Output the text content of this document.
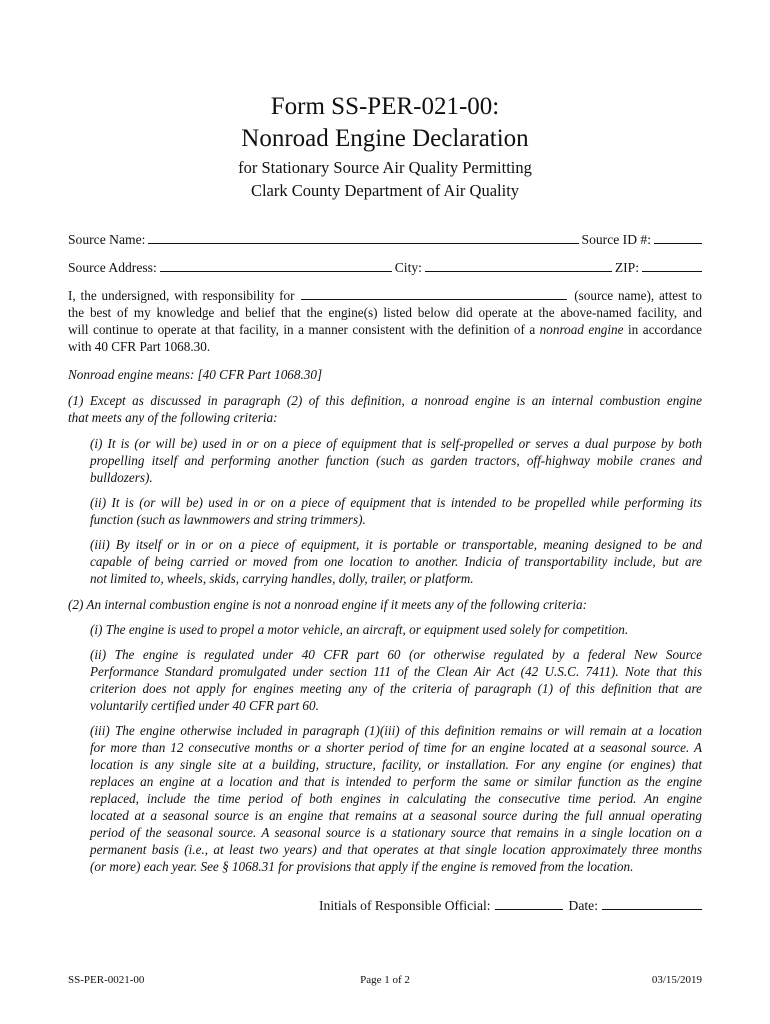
Form SS-PER-021-00:
Nonroad Engine Declaration
for Stationary Source Air Quality Permitting
Clark County Department of Air Quality
Source Name:	Source ID #:
Source Address:	City:	ZIP:
I, the undersigned, with responsibility for	(source name), attest to
the best of my knowledge and belief that the engine(s) listed below did operate at the above-named facility, and
will continue to operate at that facility, in a manner consistent with the definition of a nonroad engine in accordance
with 40 CFR Part 1068.30.
Nonroad engine means: [40 CFR Part 1068.30]
(1) Except as discussed in paragraph (2) of this definition, a nonroad engine is an internal combustion engine
that meets any of the following criteria:
(i) It is (or will be) used in or on a piece of equipment that is self-propelled or serves a dual purpose by both
propelling itself and performing another function (such as garden tractors, off-highway mobile cranes and
bulldozers).
(ii) It is (or will be) used in or on a piece of equipment that is intended to be propelled while performing its
function (such as lawnmowers and string trimmers).
(iii) By itself or in or on a piece of equipment, it is portable or transportable, meaning designed to be and
capable of being carried or moved from one location to another. Indicia of transportability include, but are
not limited to, wheels, skids, carrying handles, dolly, trailer, or platform.
(2) An internal combustion engine is not a nonroad engine if it meets any of the following criteria:
(i) The engine is used to propel a motor vehicle, an aircraft, or equipment used solely for competition.
(ii) The engine is regulated under 40 CFR part 60 (or otherwise regulated by a federal New Source
Performance Standard promulgated under section 111 of the Clean Air Act (42 U.S.C. 7411). Note that this
criterion does not apply for engines meeting any of the criteria of paragraph (1) of this definition that are
voluntarily certified under 40 CFR part 60.
(iii) The engine otherwise included in paragraph (1)(iii) of this definition remains or will remain at a location
for more than 12 consecutive months or a shorter period of time for an engine located at a seasonal source. A
location is any single site at a building, structure, facility, or installation. For any engine (or engines) that
replaces an engine at a location and that is intended to perform the same or similar function as the engine
replaced, include the time period of both engines in calculating the consecutive time period. An engine
located at a seasonal source is an engine that remains at a seasonal source during the full annual operating
period of the seasonal source. A seasonal source is a stationary source that remains in a single location on a
permanent basis (i.e., at least two years) and that operates at that single location approximately three months
(or more) each year. See § 1068.31 for provisions that apply if the engine is removed from the location.
Initials of Responsible Official:	Date:
SS-PER-0021-00	Page 1 of 2	03/15/2019
